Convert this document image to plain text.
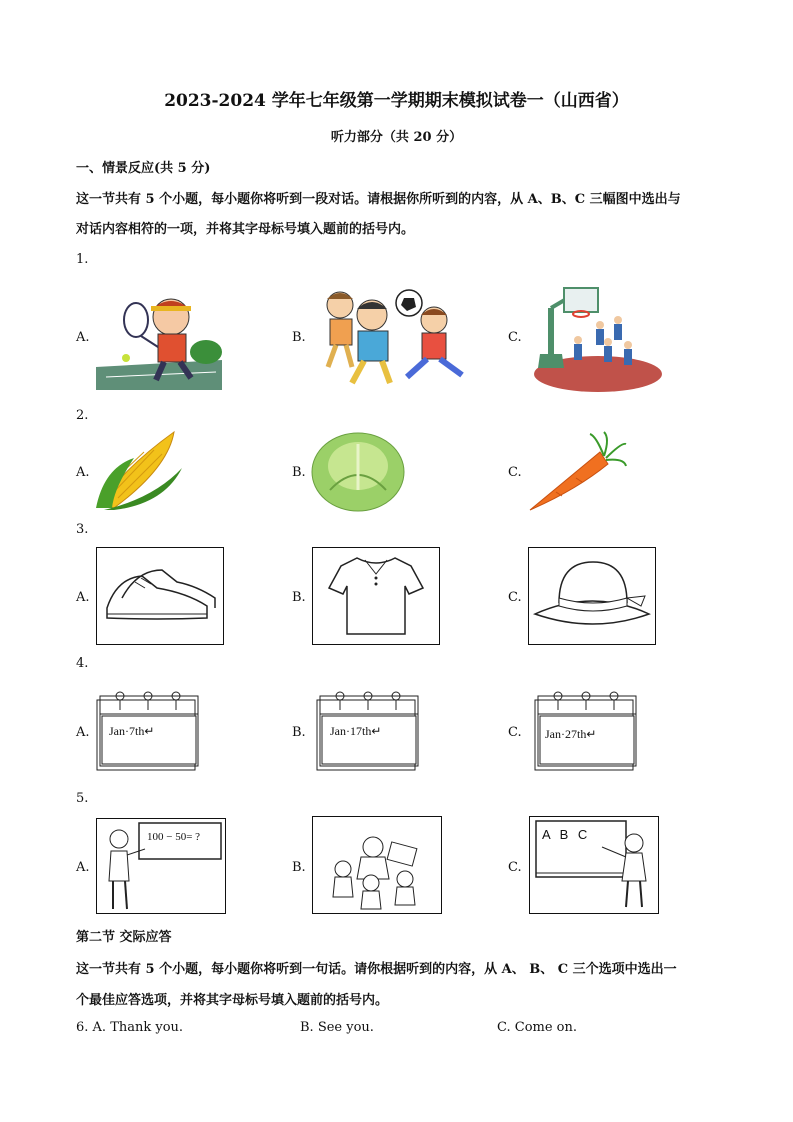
2023-2024 学年七年级第一学期期末模拟试卷一（山西省）
听力部分（共 20 分）
一、情景反应(共 5 分)
这一节共有 5 个小题，每小题你将听到一段对话。请根据你所听到的内容，从 A、B、C 三幅图中选出与
对话内容相符的一项，并将其字母标号填入题前的括号内。
1.
A.	B.	C.
2.
A.	B.	C.
3.
A.	B.	C.
4.
A. Jan·7th↵	B. Jan·17th↵	C. Jan·27th↵
5.
A.
100 − 50= ?
B.	C.
A B C
第二节 交际应答
这一节共有 5 个小题，每小题你将听到一句话。请你根据听到的内容，从 A、 B、 C 三个选项中选出一
个最佳应答选项，并将其字母标号填入题前的括号内。
6. A. Thank you.	B. See you.	C. Come on.
